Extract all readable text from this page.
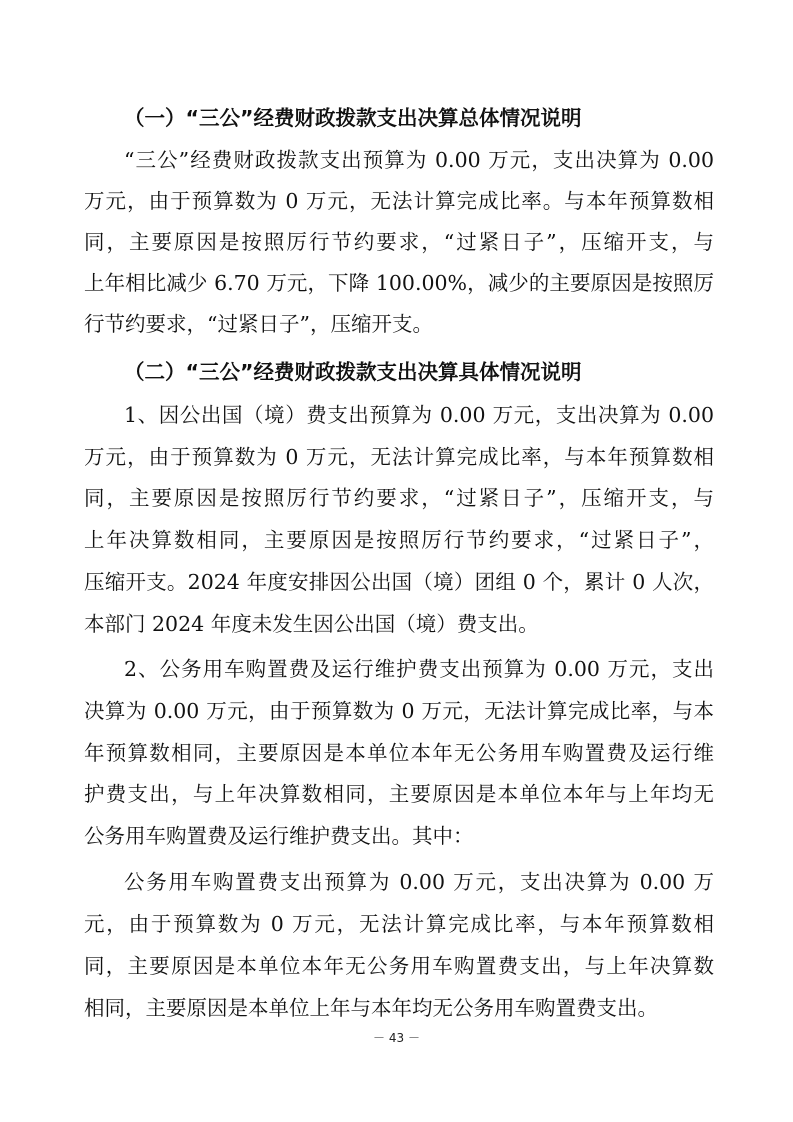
（一）“三公”经费财政拨款支出决算总体情况说明
“三公”经费财政拨款支出预算为 0.00 万元，支出决算为 0.00
万元，由于预算数为 0 万元，无法计算完成比率。与本年预算数相
同，主要原因是按照厉行节约要求，“过紧日子”，压缩开支，与
上年相比减少 6.70 万元，下降 100.00%，减少的主要原因是按照厉
行节约要求，“过紧日子”，压缩开支。
（二）“三公”经费财政拨款支出决算具体情况说明
1、因公出国（境）费支出预算为 0.00 万元，支出决算为 0.00
万元，由于预算数为 0 万元，无法计算完成比率，与本年预算数相
同，主要原因是按照厉行节约要求，“过紧日子”，压缩开支，与
上年决算数相同，主要原因是按照厉行节约要求，“过紧日子”，
压缩开支。2024 年度安排因公出国（境）团组 0 个，累计 0 人次，
本部门 2024 年度未发生因公出国（境）费支出。
2、公务用车购置费及运行维护费支出预算为 0.00 万元，支出
决算为 0.00 万元，由于预算数为 0 万元，无法计算完成比率，与本
年预算数相同，主要原因是本单位本年无公务用车购置费及运行维
护费支出，与上年决算数相同，主要原因是本单位本年与上年均无
公务用车购置费及运行维护费支出。其中：
公务用车购置费支出预算为 0.00 万元，支出决算为 0.00 万
元，由于预算数为 0 万元，无法计算完成比率，与本年预算数相
同，主要原因是本单位本年无公务用车购置费支出，与上年决算数
相同，主要原因是本单位上年与本年均无公务用车购置费支出。
－ 43 －
